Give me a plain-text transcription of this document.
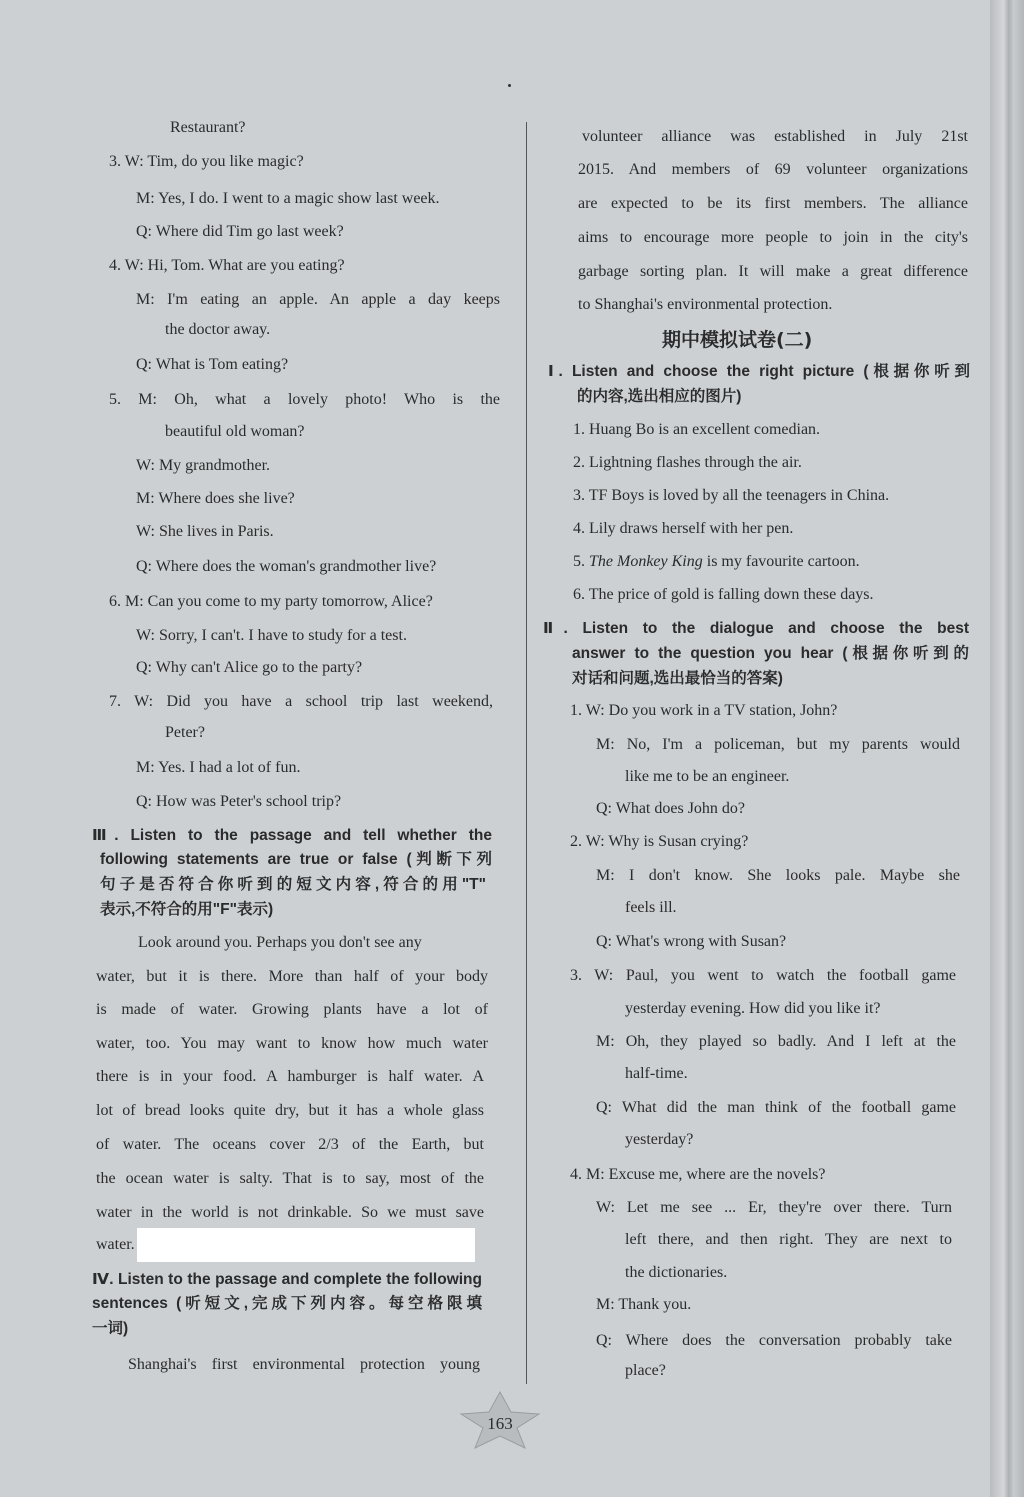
Restaurant?
3. W: Tim, do you like magic?
M: Yes, I do. I went to a magic show last week.
Q: Where did Tim go last week?
4. W: Hi, Tom. What are you eating?
M: I'm eating an apple. An apple a day keeps
the doctor away.
Q: What is Tom eating?
5. M: Oh, what a lovely photo! Who is the
beautiful old woman?
W: My grandmother.
M: Where does she live?
W: She lives in Paris.
Q: Where does the woman's grandmother live?
6. M: Can you come to my party tomorrow, Alice?
W: Sorry, I can't. I have to study for a test.
Q: Why can't Alice go to the party?
7. W: Did you have a school trip last weekend,
Peter?
M: Yes. I had a lot of fun.
Q: How was Peter's school trip?
Ⅲ. Listen to the passage and tell whether the
following statements are true or false (判断下列
句子是否符合你听到的短文内容,符合的用"T"
表示,不符合的用"F"表示)
Look around you. Perhaps you don't see any
water, but it is there. More than half of your body
is made of water. Growing plants have a lot of
water, too. You may want to know how much water
there is in your food. A hamburger is half water. A
lot of bread looks quite dry, but it has a whole glass
of water. The oceans cover 2/3 of the Earth, but
the ocean water is salty. That is to say, most of the
water in the world is not drinkable. So we must save
water.
Ⅳ. Listen to the passage and complete the following
sentences (听短文,完成下列内容。每空格限填
一词)
Shanghai's first environmental protection young
volunteer alliance was established in July 21st
2015. And members of 69 volunteer organizations
are expected to be its first members. The alliance
aims to encourage more people to join in the city's
garbage sorting plan. It will make a great difference
to Shanghai's environmental protection.
期中模拟试卷(二)
Ⅰ. Listen and choose the right picture (根据你听到
的内容,选出相应的图片)
1. Huang Bo is an excellent comedian.
2. Lightning flashes through the air.
3. TF Boys is loved by all the teenagers in China.
4. Lily draws herself with her pen.
5. The Monkey King is my favourite cartoon.
6. The price of gold is falling down these days.
Ⅱ. Listen to the dialogue and choose the best
answer to the question you hear (根据你听到的
对话和问题,选出最恰当的答案)
1. W: Do you work in a TV station, John?
M: No, I'm a policeman, but my parents would
like me to be an engineer.
Q: What does John do?
2. W: Why is Susan crying?
M: I don't know. She looks pale. Maybe she
feels ill.
Q: What's wrong with Susan?
3. W: Paul, you went to watch the football game
yesterday evening. How did you like it?
M: Oh, they played so badly. And I left at the
half-time.
Q: What did the man think of the football game
yesterday?
4. M: Excuse me, where are the novels?
W: Let me see ... Er, they're over there. Turn
left there, and then right. They are next to
the dictionaries.
M: Thank you.
Q: Where does the conversation probably take
place?
163
